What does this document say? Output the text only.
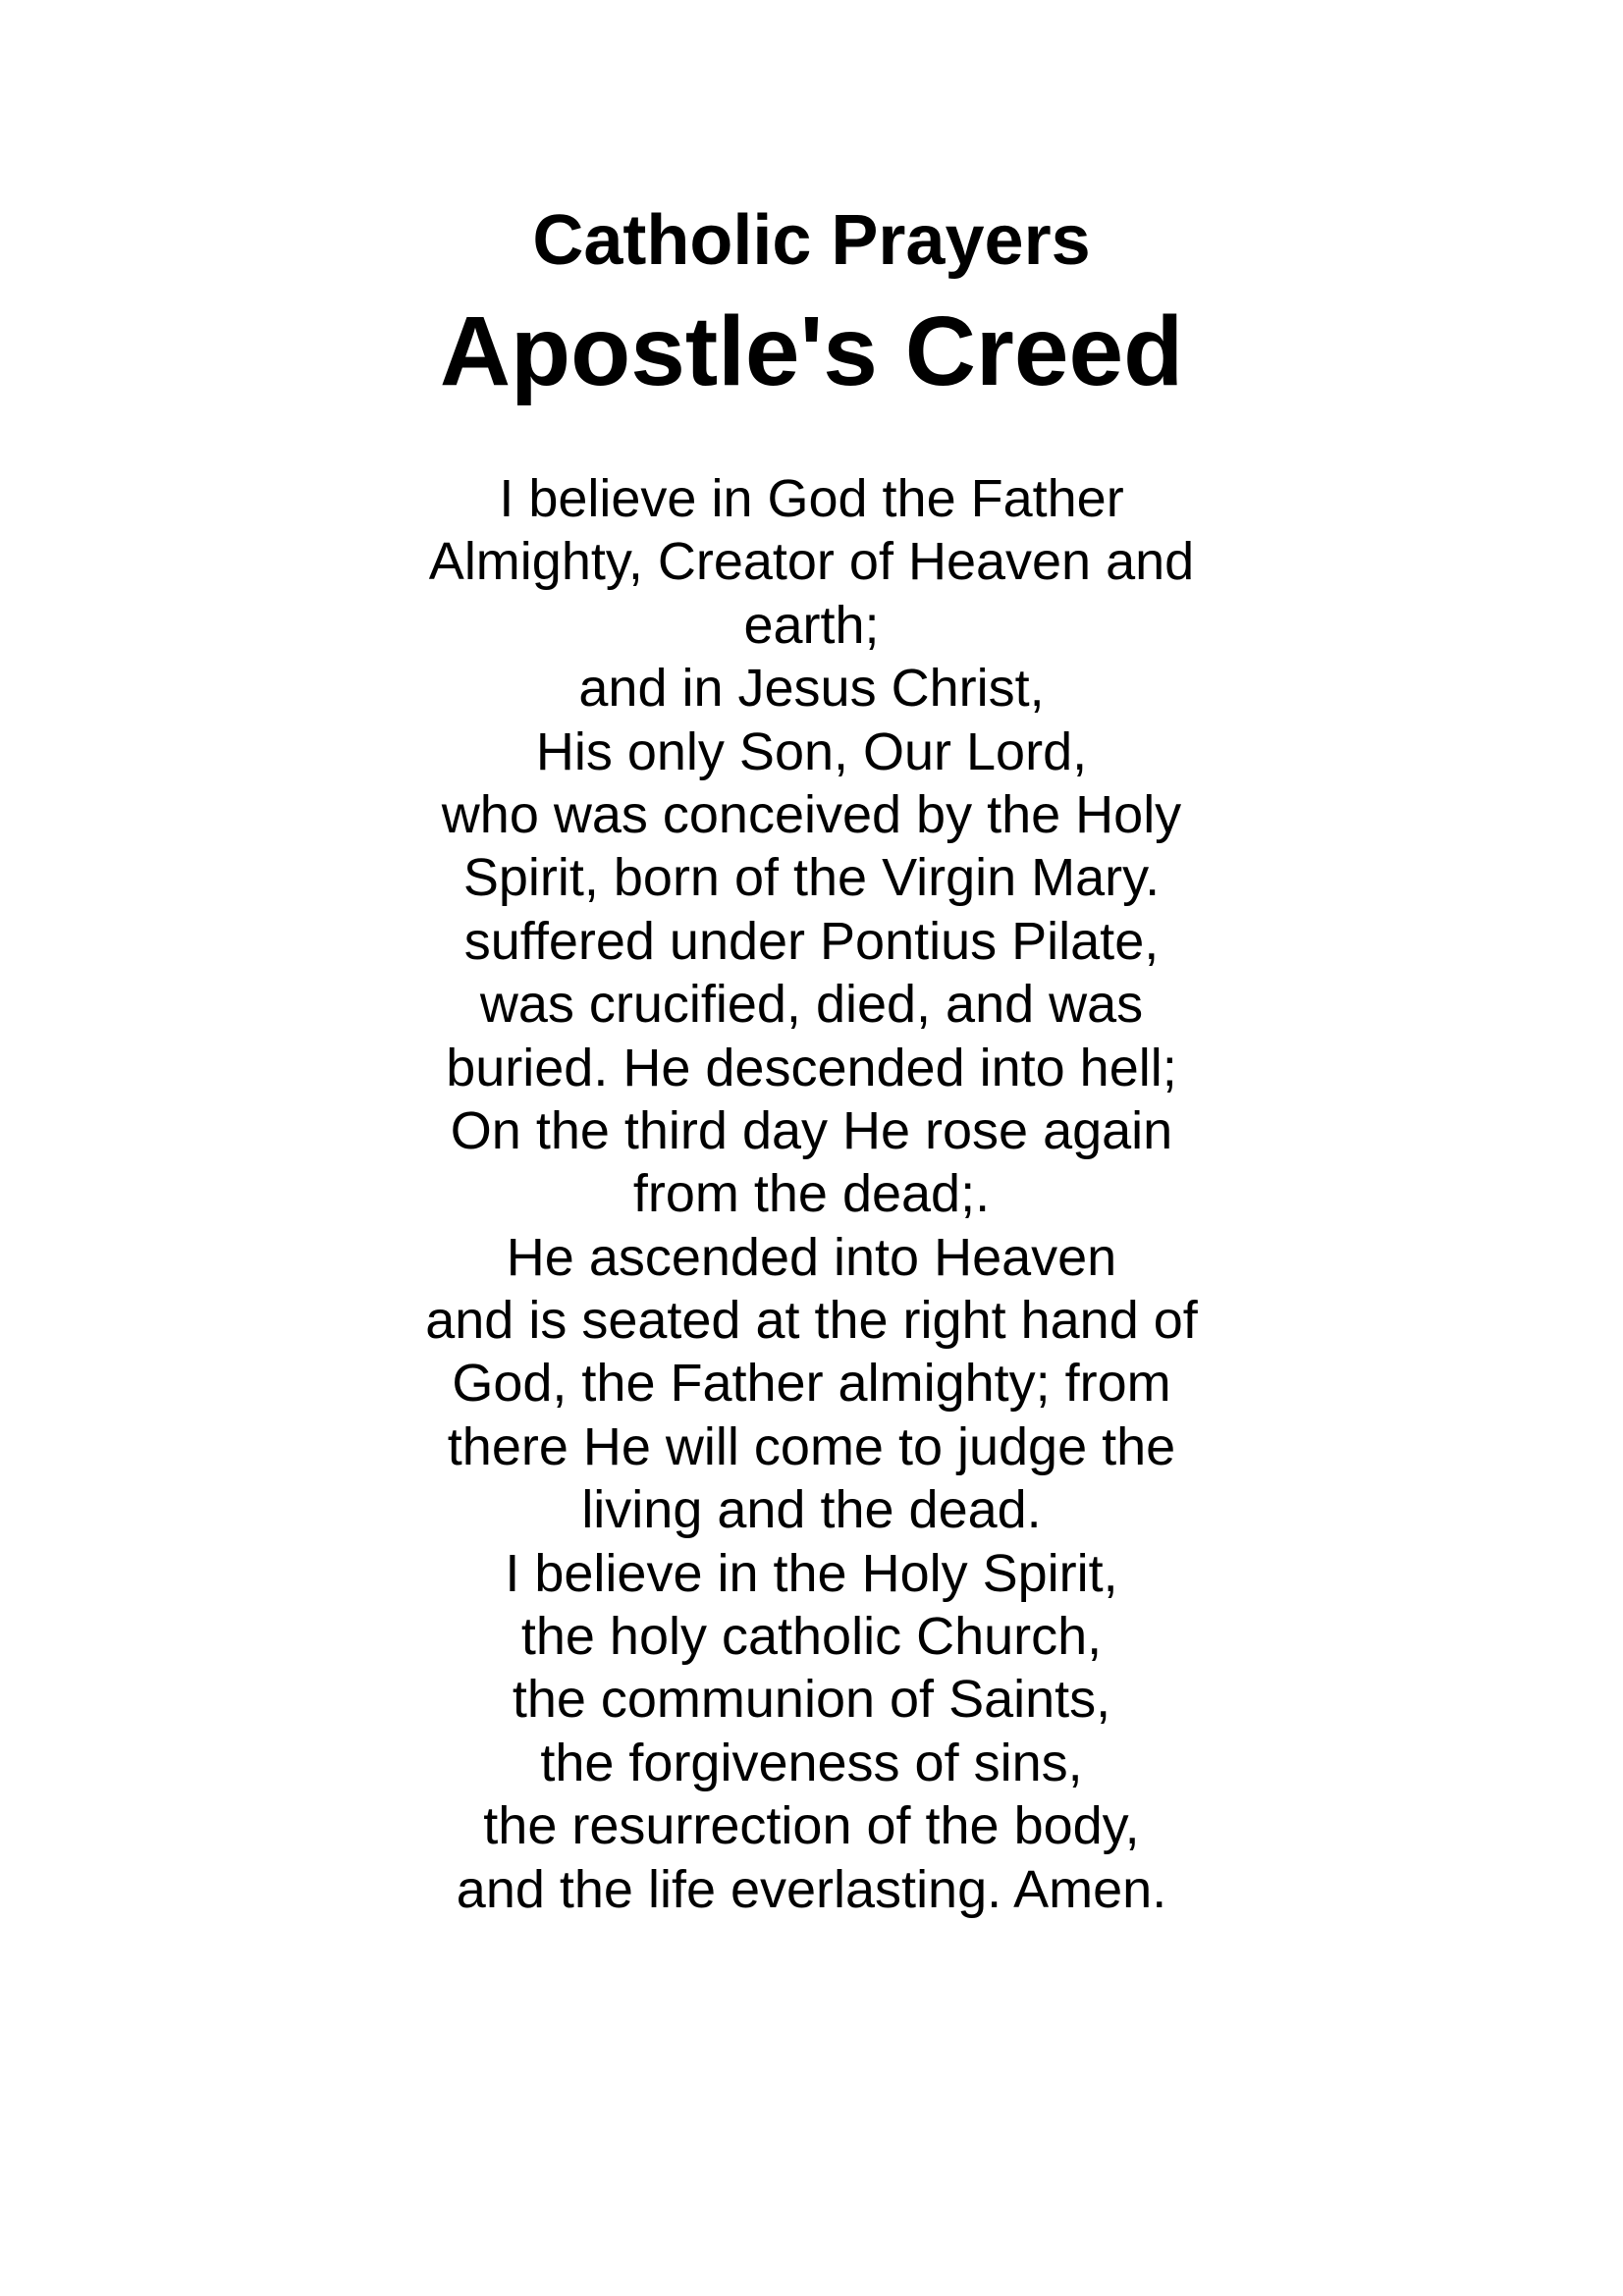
Catholic Prayers
Apostle's Creed
I believe in God the Father
Almighty, Creator of Heaven and
earth;
and in Jesus Christ,
His only Son, Our Lord,
who was conceived by the Holy
Spirit, born of the Virgin Mary.
suffered under Pontius Pilate,
was crucified, died, and was
buried. He descended into hell;
On the third day He rose again
from the dead;.
He ascended into Heaven
and is seated at the right hand of
God, the Father almighty; from
there He will come to judge the
living and the dead.
I believe in the Holy Spirit,
the holy catholic Church,
the communion of Saints,
the forgiveness of sins,
the resurrection of the body,
and the life everlasting. Amen.
